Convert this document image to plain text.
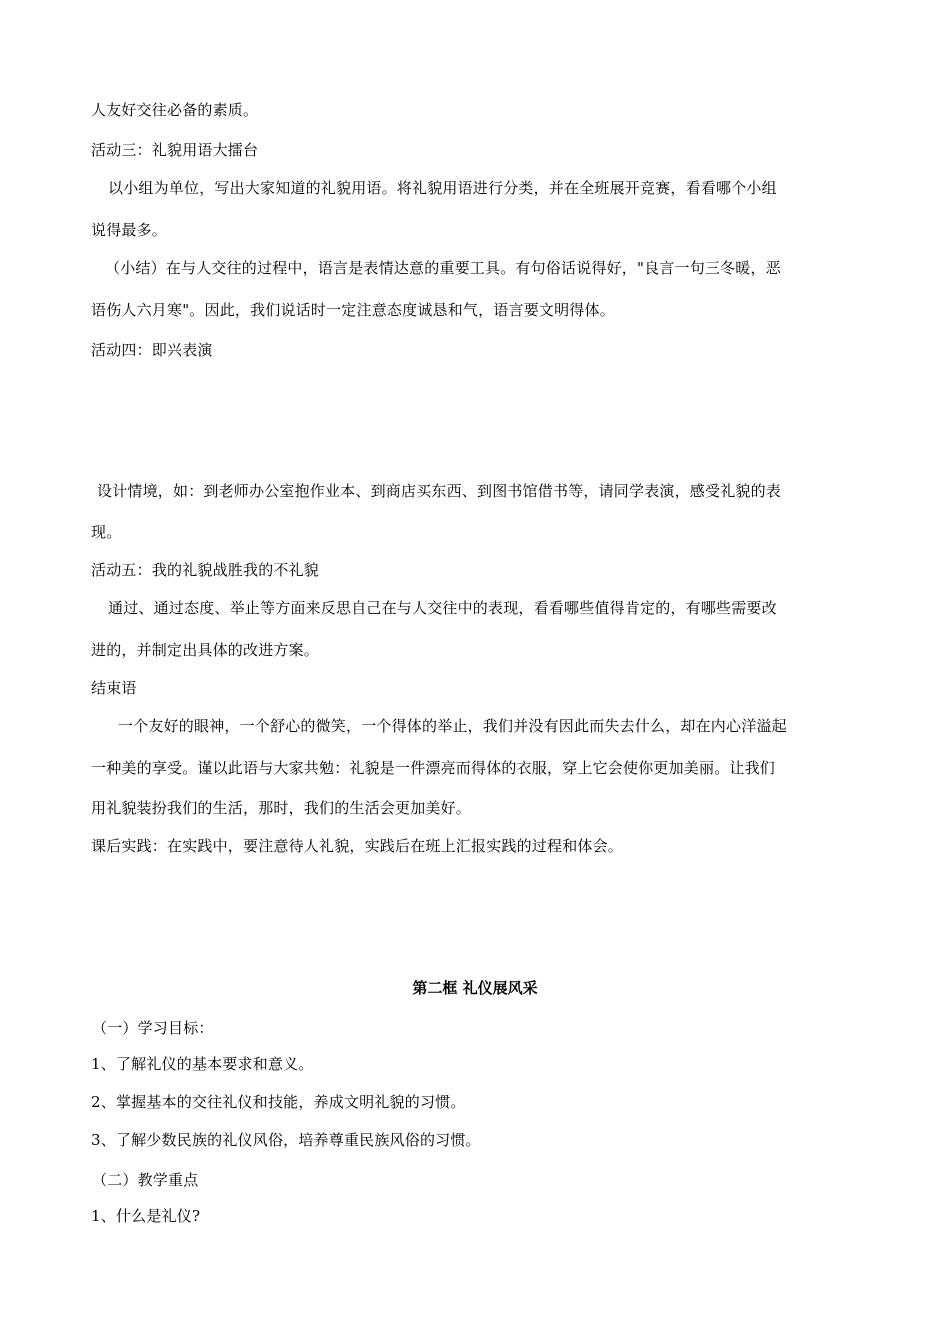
人友好交往必备的素质。
活动三：礼貌用语大擂台
以小组为单位，写出大家知道的礼貌用语。将礼貌用语进行分类，并在全班展开竞赛，看看哪个小组
说得最多。
（小结）在与人交往的过程中，语言是表情达意的重要工具。有句俗话说得好，"良言一句三冬暖，恶
语伤人六月寒"。因此，我们说话时一定注意态度诚恳和气，语言要文明得体。
活动四：即兴表演
设计情境，如：到老师办公室抱作业本、到商店买东西、到图书馆借书等，请同学表演，感受礼貌的表
现。
活动五：我的礼貌战胜我的不礼貌
通过、通过态度、举止等方面来反思自己在与人交往中的表现，看看哪些值得肯定的，有哪些需要改
进的，并制定出具体的改进方案。
结束语
一个友好的眼神，一个舒心的微笑，一个得体的举止，我们并没有因此而失去什么，却在内心洋溢起
一种美的享受。谨以此语与大家共勉：礼貌是一件漂亮而得体的衣服，穿上它会使你更加美丽。让我们
用礼貌装扮我们的生活，那时，我们的生活会更加美好。
课后实践：在实践中，要注意待人礼貌，实践后在班上汇报实践的过程和体会。
第二框 礼仪展风采
（一）学习目标：
1、了解礼仪的基本要求和意义。
2、掌握基本的交往礼仪和技能，养成文明礼貌的习惯。
3、了解少数民族的礼仪风俗，培养尊重民族风俗的习惯。
（二）教学重点
1、什么是礼仪?
